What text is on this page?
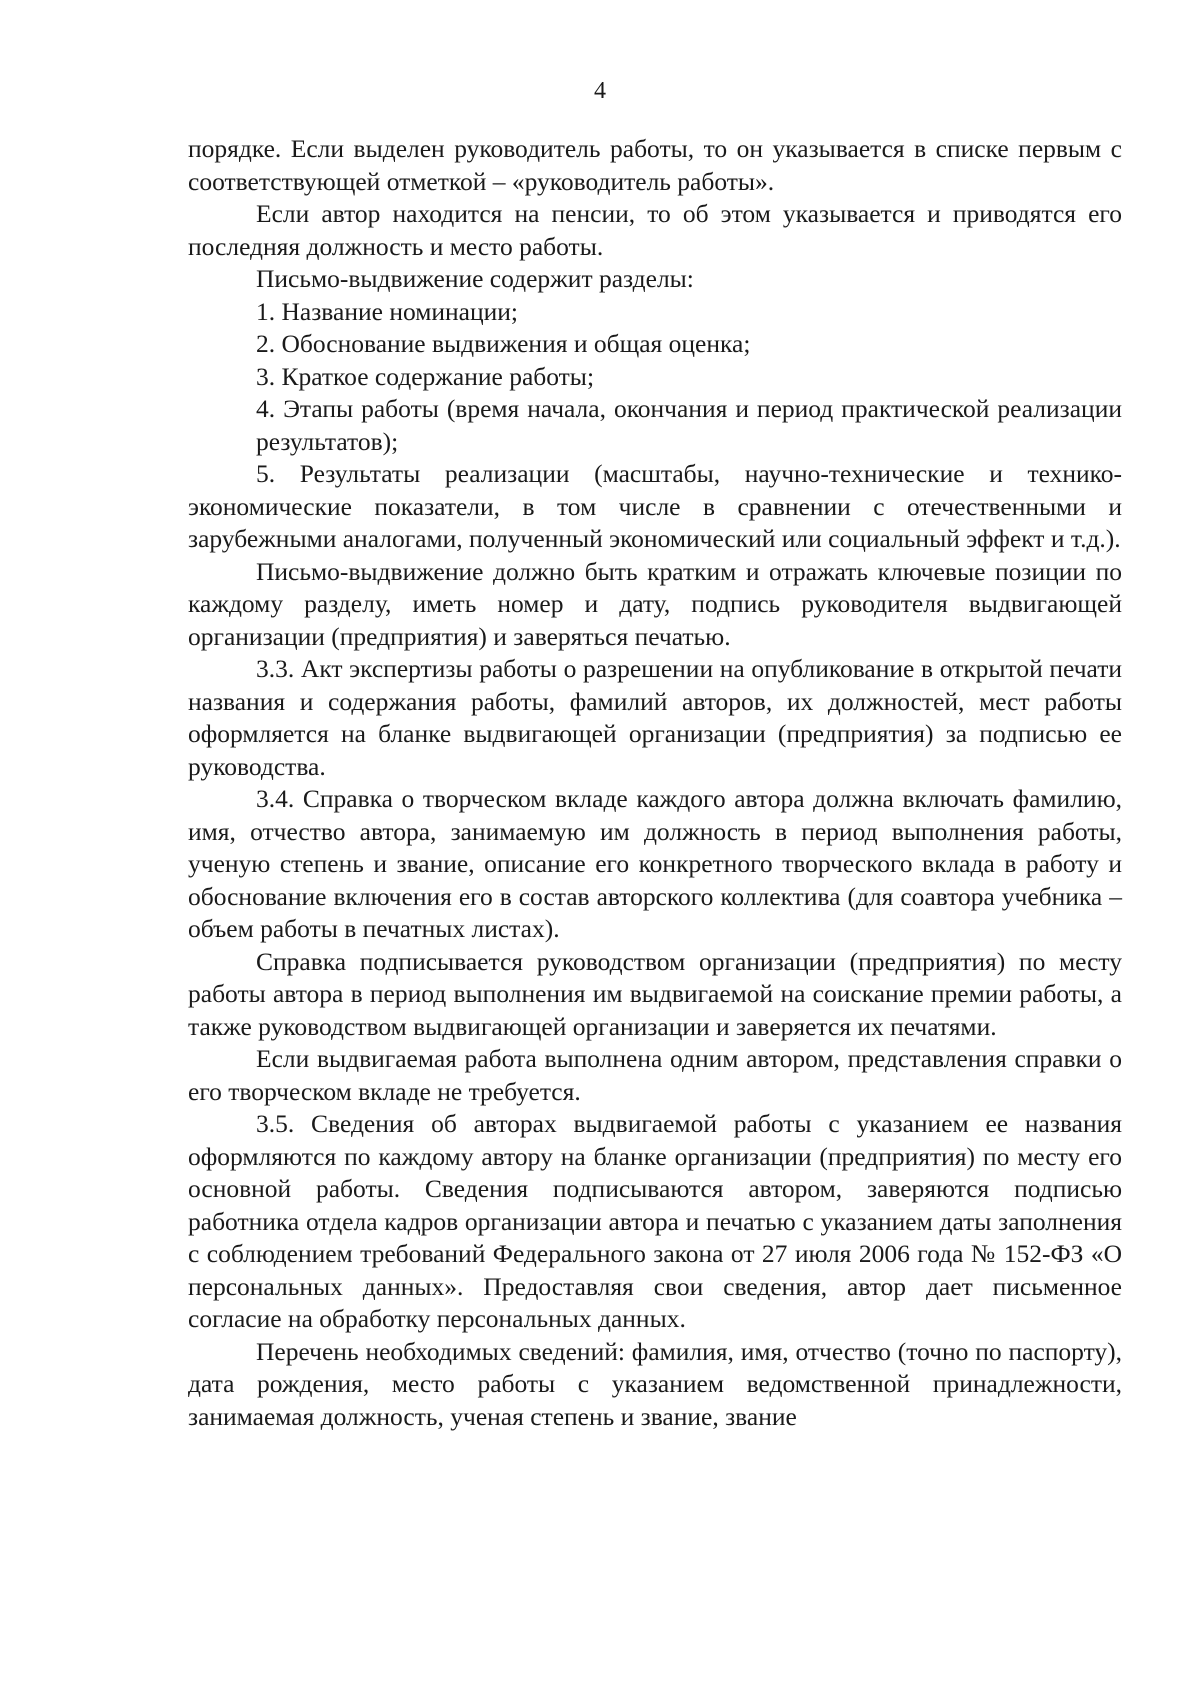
4

порядке. Если выделен руководитель работы, то он указывается в списке первым с соответствующей отметкой – «руководитель работы».

Если автор находится на пенсии, то об этом указывается и приводятся его последняя должность и место работы.

Письмо-выдвижение содержит разделы:

1. Название номинации;

2. Обоснование выдвижения и общая оценка;

3. Краткое содержание работы;

4. Этапы работы (время начала, окончания и период практической реализации результатов);

5. Результаты реализации (масштабы, научно-технические и технико-экономические показатели, в том числе в сравнении с отечественными и зарубежными аналогами, полученный экономический или социальный эффект и т.д.).

Письмо-выдвижение должно быть кратким и отражать ключевые позиции по каждому разделу, иметь номер и дату, подпись руководителя выдвигающей организации (предприятия) и заверяться печатью.

3.3. Акт экспертизы работы о разрешении на опубликование в открытой печати названия и содержания работы, фамилий авторов, их должностей, мест работы оформляется на бланке выдвигающей организации (предприятия) за подписью ее руководства.

3.4. Справка о творческом вкладе каждого автора должна включать фамилию, имя, отчество автора, занимаемую им должность в период выполнения работы, ученую степень и звание, описание его конкретного творческого вклада в работу и обоснование включения его в состав авторского коллектива (для соавтора учебника – объем работы в печатных листах).

Справка подписывается руководством организации (предприятия) по месту работы автора в период выполнения им выдвигаемой на соискание премии работы, а также руководством выдвигающей организации и заверяется их печатями.

Если выдвигаемая работа выполнена одним автором, представления справки о его творческом вкладе не требуется.

3.5. Сведения об авторах выдвигаемой работы с указанием ее названия оформляются по каждому автору на бланке организации (предприятия) по месту его основной работы. Сведения подписываются автором, заверяются подписью работника отдела кадров организации автора и печатью с указанием даты заполнения с соблюдением требований Федерального закона от 27 июля 2006 года № 152-ФЗ «О персональных данных». Предоставляя свои сведения, автор дает письменное согласие на обработку персональных данных.

Перечень необходимых сведений: фамилия, имя, отчество (точно по паспорту), дата рождения, место работы с указанием ведомственной принадлежности, занимаемая должность, ученая степень и звание, звание
